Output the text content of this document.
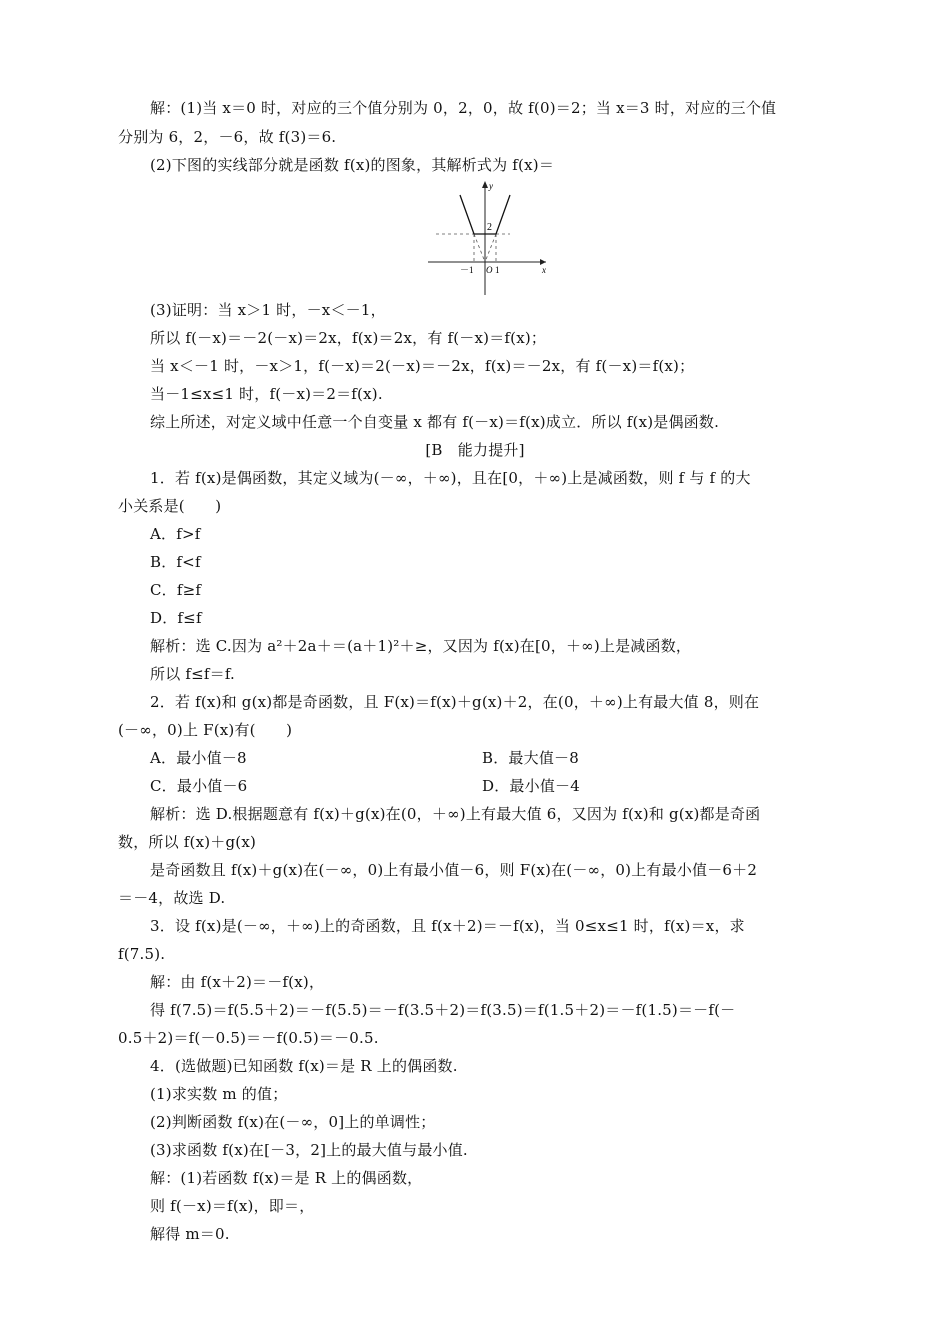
解：(1)当 x＝0 时，对应的三个值分别为 0，2，0，故 f(0)＝2；当 x＝3 时，对应的三个值
分别为 6，2，－6，故 f(3)＝6.
(2)下图的实线部分就是函数 f(x)的图象，其解析式为 f(x)＝
y
x
2
－1 O 1
(3)证明：当 x＞1 时，－x＜－1，
所以 f(－x)＝－2(－x)＝2x，f(x)＝2x，有 f(－x)＝f(x)；
当 x＜－1 时，－x＞1，f(－x)＝2(－x)＝－2x，f(x)＝－2x，有 f(－x)＝f(x)；
当－1≤x≤1 时，f(－x)＝2＝f(x).
综上所述，对定义域中任意一个自变量 x 都有 f(－x)＝f(x)成立．所以 f(x)是偶函数.
[B　能力提升]
1．若 f(x)是偶函数，其定义域为(－∞，＋∞)，且在[0，＋∞)上是减函数，则 f 与 f 的大
小关系是(　　)
A．f>f
B．f<f
C．f≥f
D．f≤f
解析：选 C.因为 a²＋2a＋＝(a＋1)²＋≥，又因为 f(x)在[0，＋∞)上是减函数，
所以 f≤f＝f.
2．若 f(x)和 g(x)都是奇函数，且 F(x)＝f(x)＋g(x)＋2，在(0，＋∞)上有最大值 8，则在
(－∞，0)上 F(x)有(　　)
A．最小值－8	B．最大值－8
C．最小值－6	D．最小值－4
解析：选 D.根据题意有 f(x)＋g(x)在(0，＋∞)上有最大值 6，又因为 f(x)和 g(x)都是奇函
数，所以 f(x)＋g(x)
是奇函数且 f(x)＋g(x)在(－∞，0)上有最小值－6，则 F(x)在(－∞，0)上有最小值－6＋2
＝－4，故选 D.
3．设 f(x)是(－∞，＋∞)上的奇函数，且 f(x＋2)＝－f(x)，当 0≤x≤1 时，f(x)＝x，求
f(7.5).
解：由 f(x＋2)＝－f(x)，
得 f(7.5)＝f(5.5＋2)＝－f(5.5)＝－f(3.5＋2)＝f(3.5)＝f(1.5＋2)＝－f(1.5)＝－f(－
0.5＋2)＝f(－0.5)＝－f(0.5)＝－0.5.
4．(选做题)已知函数 f(x)＝是 R 上的偶函数.
(1)求实数 m 的值；
(2)判断函数 f(x)在(－∞，0]上的单调性；
(3)求函数 f(x)在[－3，2]上的最大值与最小值.
解：(1)若函数 f(x)＝是 R 上的偶函数，
则 f(－x)＝f(x)，即＝，
解得 m＝0.
